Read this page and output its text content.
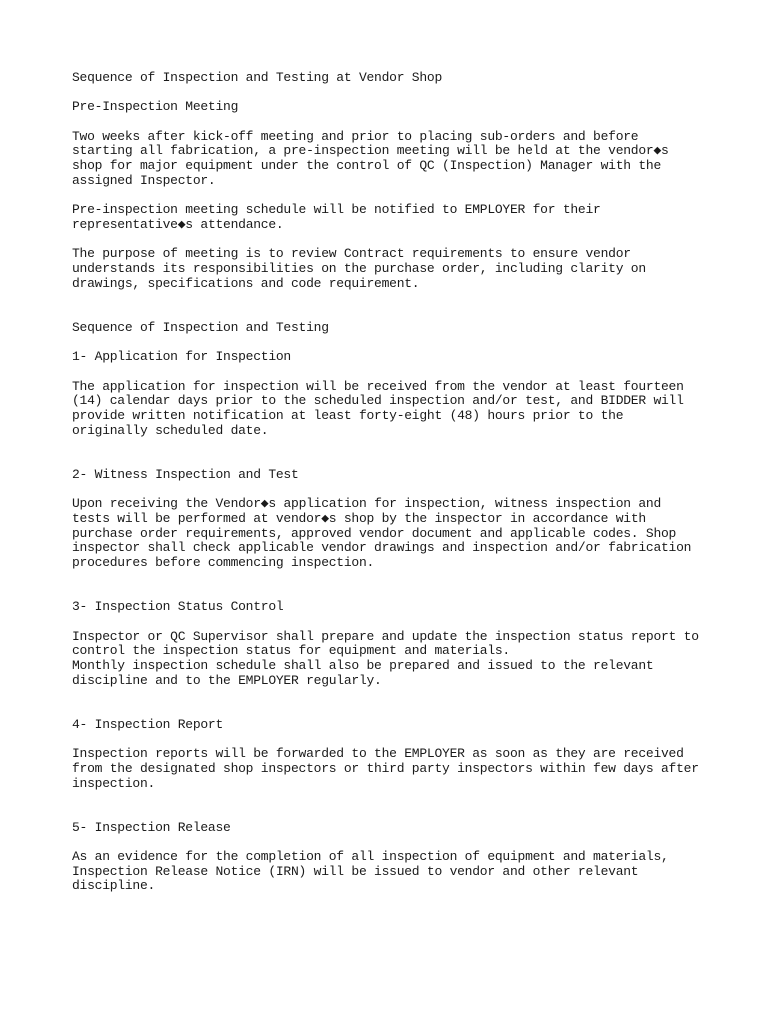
Sequence of Inspection and Testing at Vendor Shop

Pre-Inspection Meeting

Two weeks after kick-off meeting and prior to placing sub-orders and before
starting all fabrication, a pre-inspection meeting will be held at the vendor◆s
shop for major equipment under the control of QC (Inspection) Manager with the
assigned Inspector.

Pre-inspection meeting schedule will be notified to EMPLOYER for their
representative◆s attendance.

The purpose of meeting is to review Contract requirements to ensure vendor
understands its responsibilities on the purchase order, including clarity on
drawings, specifications and code requirement.

Sequence of Inspection and Testing

1- Application for Inspection

The application for inspection will be received from the vendor at least fourteen
(14) calendar days prior to the scheduled inspection and/or test, and BIDDER will
provide written notification at least forty-eight (48) hours prior to the
originally scheduled date.

2- Witness Inspection and Test

Upon receiving the Vendor◆s application for inspection, witness inspection and
tests will be performed at vendor◆s shop by the inspector in accordance with
purchase order requirements, approved vendor document and applicable codes. Shop
inspector shall check applicable vendor drawings and inspection and/or fabrication
procedures before commencing inspection.

3- Inspection Status Control

Inspector or QC Supervisor shall prepare and update the inspection status report to
control the inspection status for equipment and materials.
Monthly inspection schedule shall also be prepared and issued to the relevant
discipline and to the EMPLOYER regularly.

4- Inspection Report

Inspection reports will be forwarded to the EMPLOYER as soon as they are received
from the designated shop inspectors or third party inspectors within few days after
inspection.

5- Inspection Release

As an evidence for the completion of all inspection of equipment and materials,
Inspection Release Notice (IRN) will be issued to vendor and other relevant
discipline.
